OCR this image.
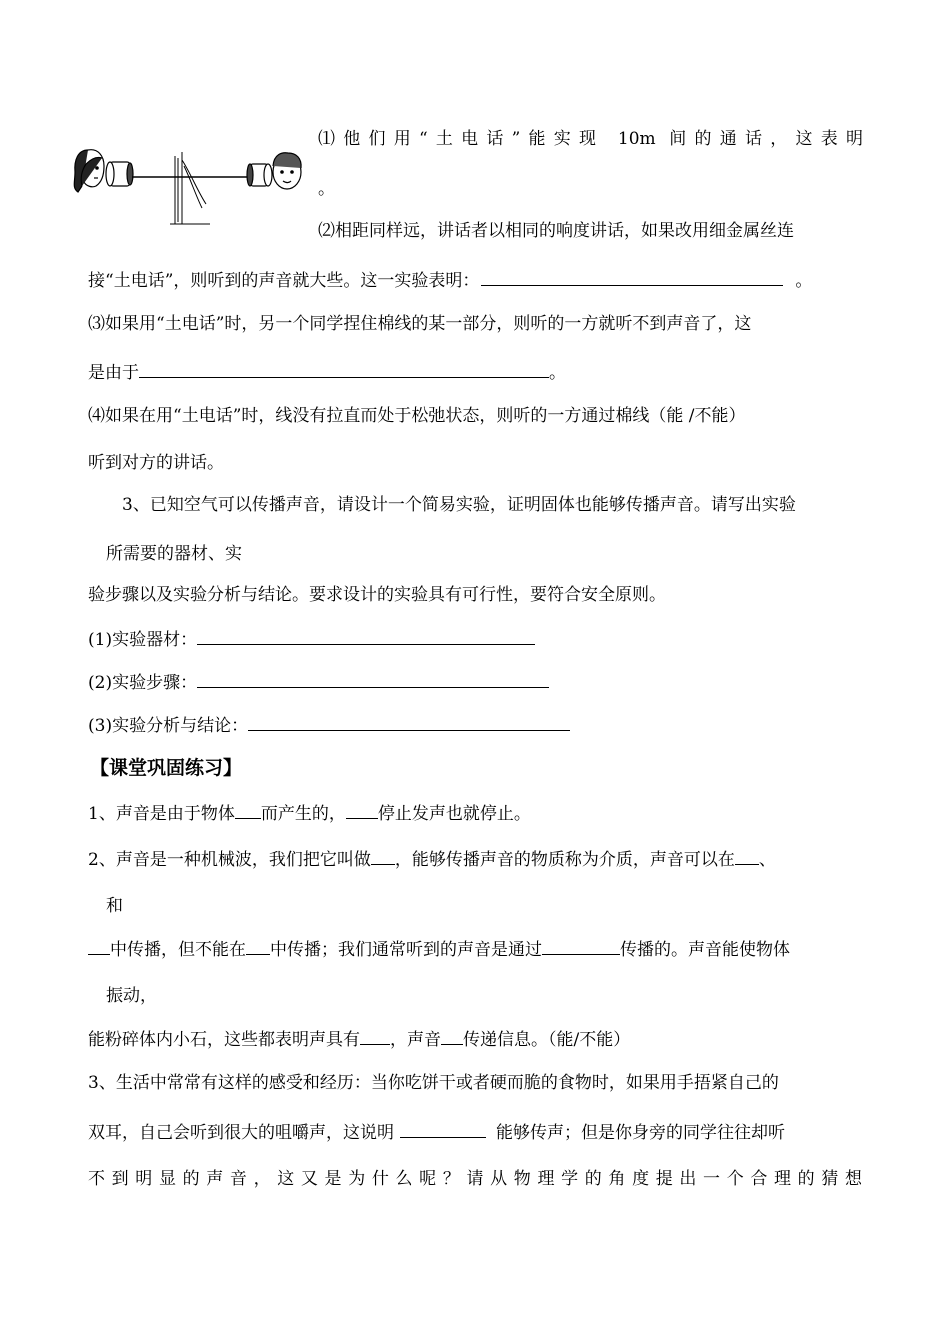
⑴他们用“土电话”能实现 10m 间的通话，这表明
。
⑵相距同样远，讲话者以相同的响度讲话，如果改用细金属丝连
接“土电话”，则听到的声音就大些。这一实验表明：	。
⑶如果用“土电话”时，另一个同学捏住棉线的某一部分，则听的一方就听不到声音了，这
是由于	。
⑷如果在用“土电话”时，线没有拉直而处于松弛状态，则听的一方通过棉线（能 /不能）
听到对方的讲话。
3、已知空气可以传播声音，请设计一个简易实验，证明固体也能够传播声音。请写出实验
所需要的器材、实
验步骤以及实验分析与结论。要求设计的实验具有可行性，要符合安全原则。
(1)实验器材：
(2)实验步骤：
(3)实验分析与结论：
【课堂巩固练习】
1、声音是由于物体 而产生的， 停止发声也就停止。
2、声音是一种机械波，我们把它叫做 ，能够传播声音的物质称为介质，声音可以在 、
和
中传播，但不能在 中传播；我们通常听到的声音是通过	传播的。声音能使物体
振动，
能粉碎体内小石，这些都表明声具有 ，声音 传递信息。（能/不能）
3、生活中常常有这样的感受和经历：当你吃饼干或者硬而脆的食物时，如果用手捂紧自己的
双耳，自己会听到很大的咀嚼声，这说明	能够传声；但是你身旁的同学往往却听
不到明显的声音，这又是为什么呢？请从物理学的角度提出一个合理的猜想
